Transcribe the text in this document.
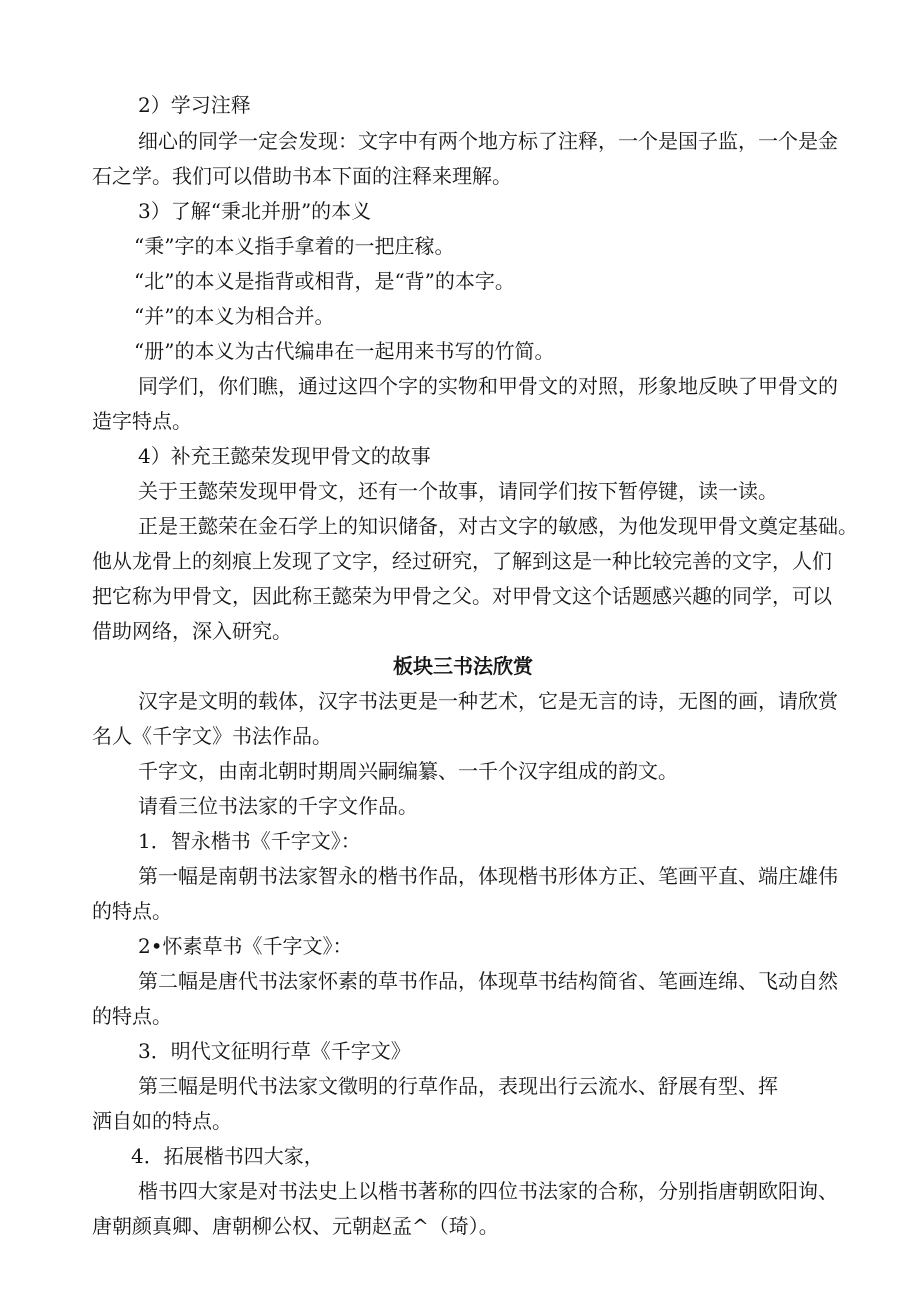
2）学习注释
细心的同学一定会发现：文字中有两个地方标了注释，一个是国子监，一个是金
石之学。我们可以借助书本下面的注释来理解。
3）了解“秉北并册”的本义
“秉”字的本义指手拿着的一把庄稼。
“北”的本义是指背或相背，是“背”的本字。
“并”的本义为相合并。
“册”的本义为古代编串在一起用来书写的竹简。
同学们，你们瞧，通过这四个字的实物和甲骨文的对照，形象地反映了甲骨文的
造字特点。
4）补充王懿荣发现甲骨文的故事
关于王懿荣发现甲骨文，还有一个故事，请同学们按下暂停键，读一读。
正是王懿荣在金石学上的知识储备，对古文字的敏感，为他发现甲骨文奠定基础。
他从龙骨上的刻痕上发现了文字，经过研究，了解到这是一种比较完善的文字，人们
把它称为甲骨文，因此称王懿荣为甲骨之父。对甲骨文这个话题感兴趣的同学，可以
借助网络，深入研究。
板块三书法欣赏
汉字是文明的载体，汉字书法更是一种艺术，它是无言的诗，无图的画，请欣赏
名人《千字文》书法作品。
千字文，由南北朝时期周兴嗣编纂、一千个汉字组成的韵文。
请看三位书法家的千字文作品。
1．智永楷书《千字文》：
第一幅是南朝书法家智永的楷书作品，体现楷书形体方正、笔画平直、端庄雄伟
的特点。
2•怀素草书《千字文》：
第二幅是唐代书法家怀素的草书作品，体现草书结构简省、笔画连绵、飞动自然
的特点。
3．明代文征明行草《千字文》
第三幅是明代书法家文徵明的行草作品，表现出行云流水、舒展有型、挥
洒自如的特点。
4．拓展楷书四大家，
楷书四大家是对书法史上以楷书著称的四位书法家的合称，分别指唐朝欧阳询、
唐朝颜真卿、唐朝柳公权、元朝赵孟^（琦）。
